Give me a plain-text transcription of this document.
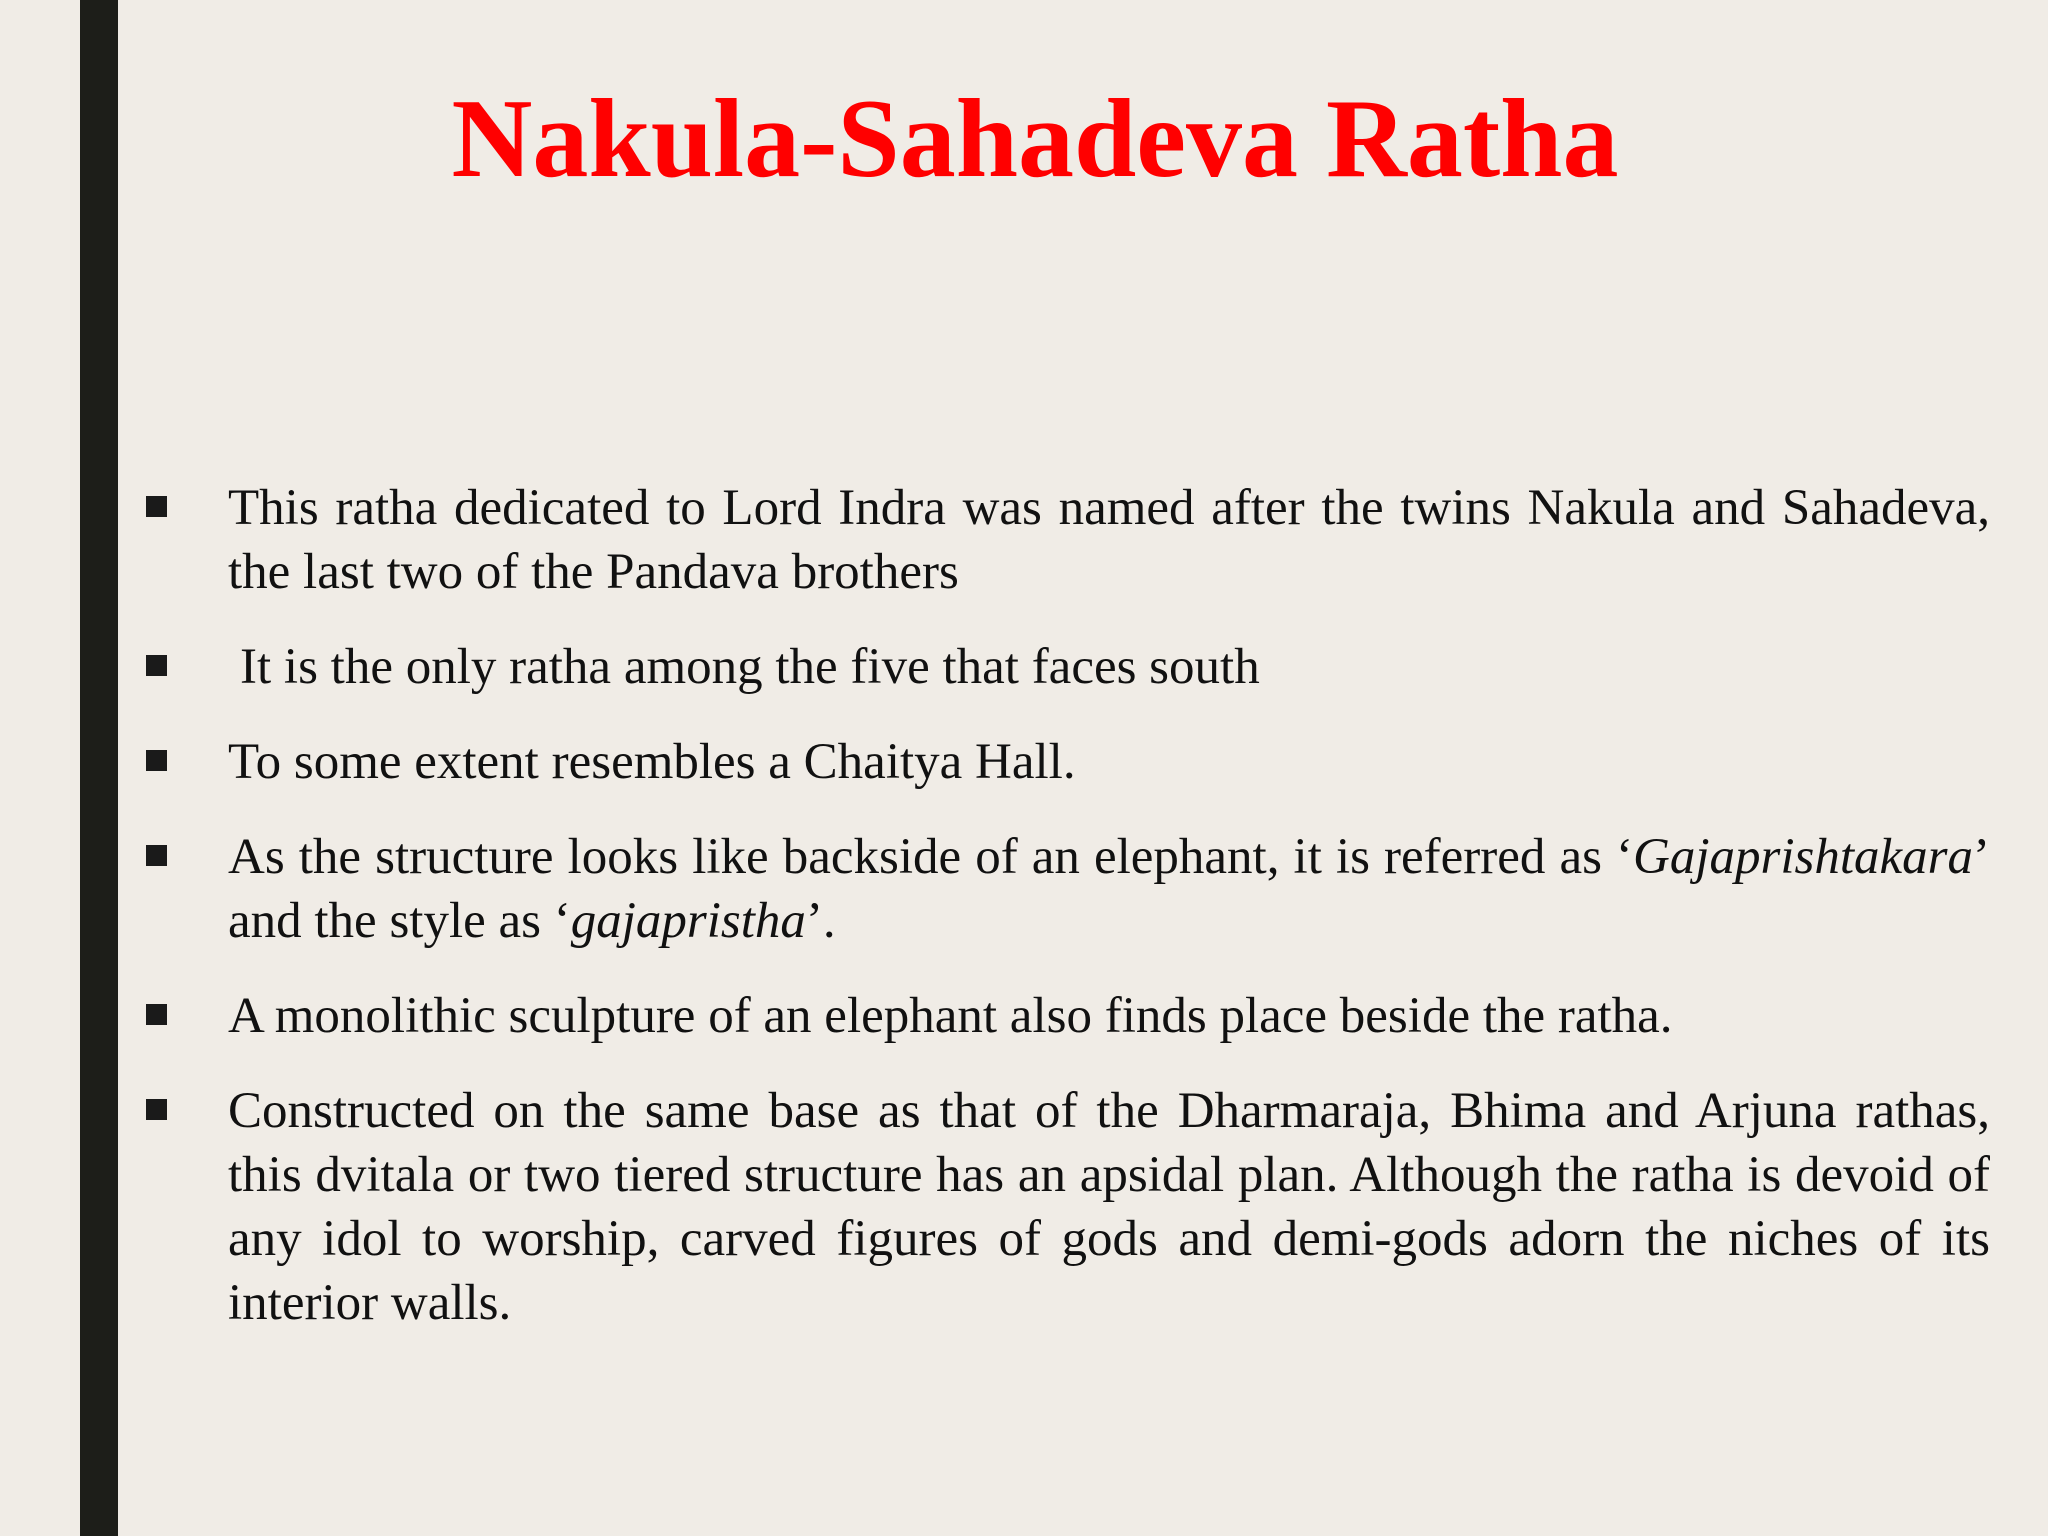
Nakula-Sahadeva Ratha
This ratha dedicated to Lord Indra was named after the twins Nakula and Sahadeva, the last two of the Pandava brothers
It is the only ratha among the five that faces south
To some extent resembles a Chaitya Hall.
As the structure looks like backside of an elephant, it is referred as ‘Gajaprishtakara’ and the style as ‘gajapristha’.
A monolithic sculpture of an elephant also finds place beside the ratha.
Constructed on the same base as that of the Dharmaraja, Bhima and Arjuna rathas, this dvitala or two tiered structure has an apsidal plan. Although the ratha is devoid of any idol to worship, carved figures of gods and demi-gods adorn the niches of its interior walls.
